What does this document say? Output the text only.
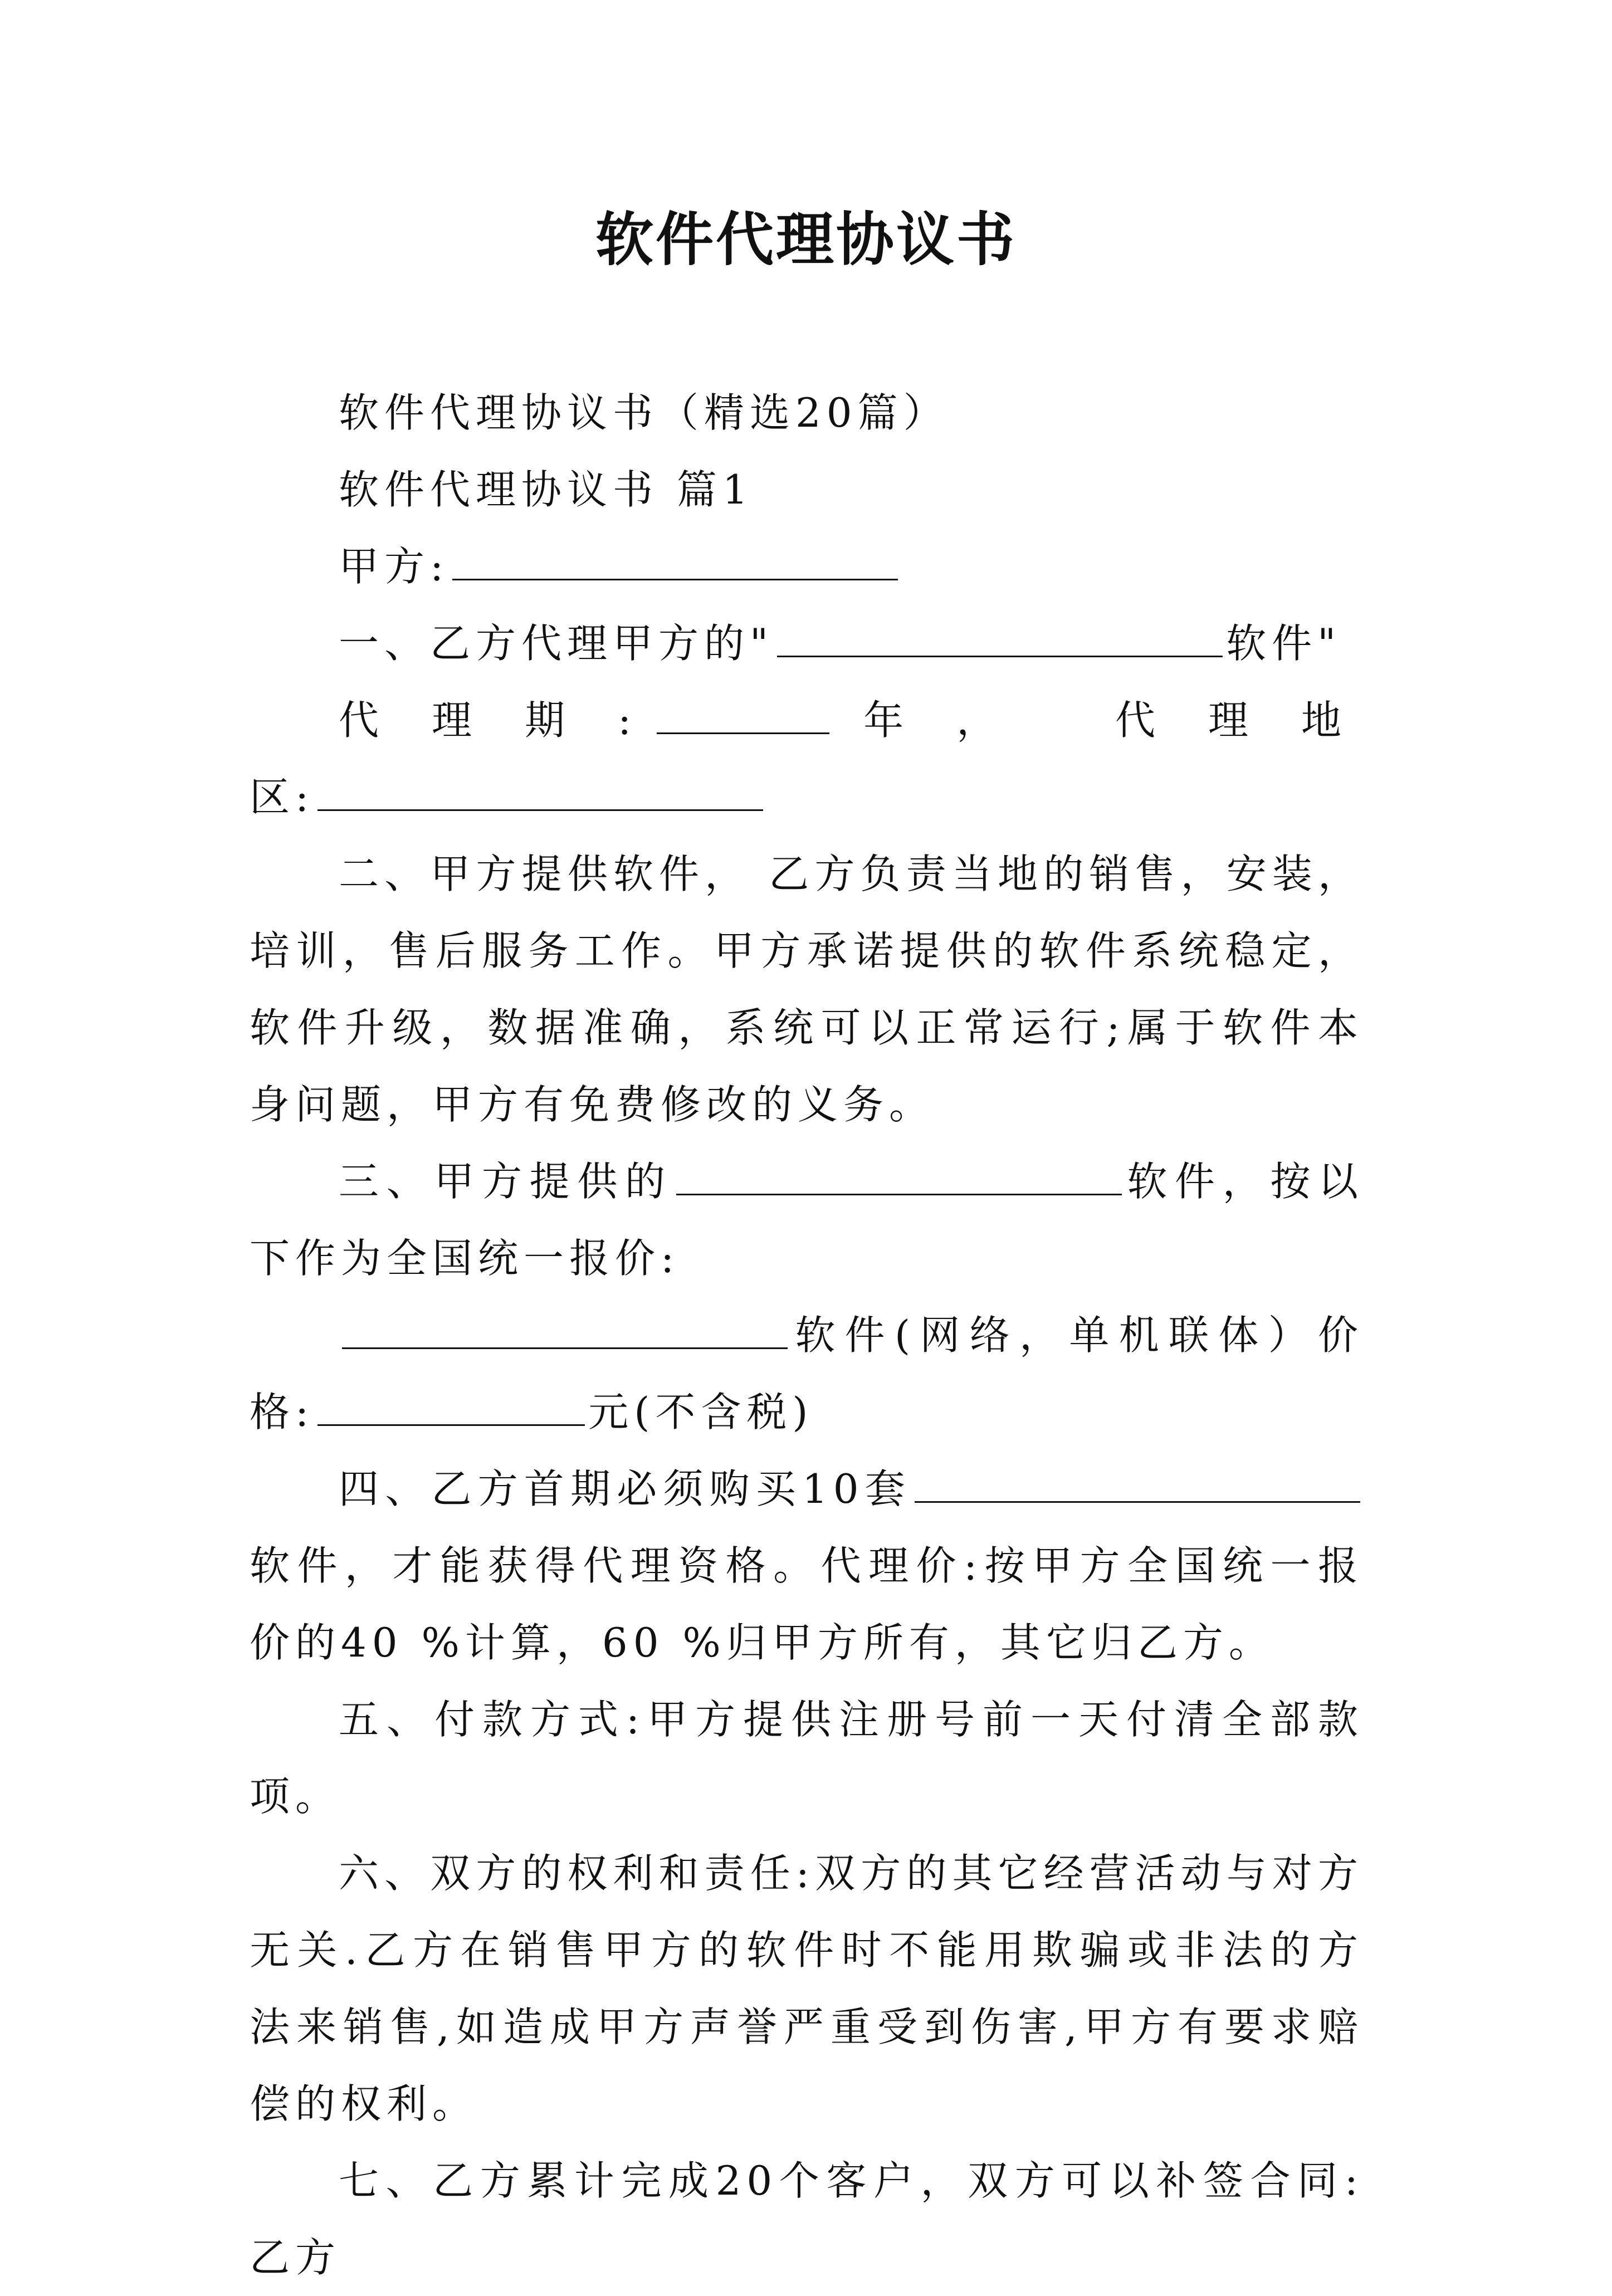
软件代理协议书

软件代理协议书（精选20篇）

软件代理协议书 篇1

甲方:

一、乙方代理甲方的"	软件"

代理期:	年， 代理地

区:

二、甲方提供软件， 乙方负责当地的销售，安装，培训，售后服务工作。甲方承诺提供的软件系统稳定，软件升级，数据准确，系统可以正常运行;属于软件本身问题，甲方有免费修改的义务。

三、甲方提供的	软件，按以下作为全国统一报价:

软件(网络，单机联体）价

格:	元(不含税)

四、乙方首期必须购买10套软件，才能获得代理资格。代理价:按甲方全国统一报价的40 %计算，60 %归甲方所有，其它归乙方。

五、付款方式:甲方提供注册号前一天付清全部款项。

六、双方的权利和责任:双方的其它经营活动与对方无关.乙方在销售甲方的软件时不能用欺骗或非法的方法来销售,如造成甲方声誉严重受到伤害,甲方有要求赔偿的权利。

七、乙方累计完成20个客户，双方可以补签合同:乙方
